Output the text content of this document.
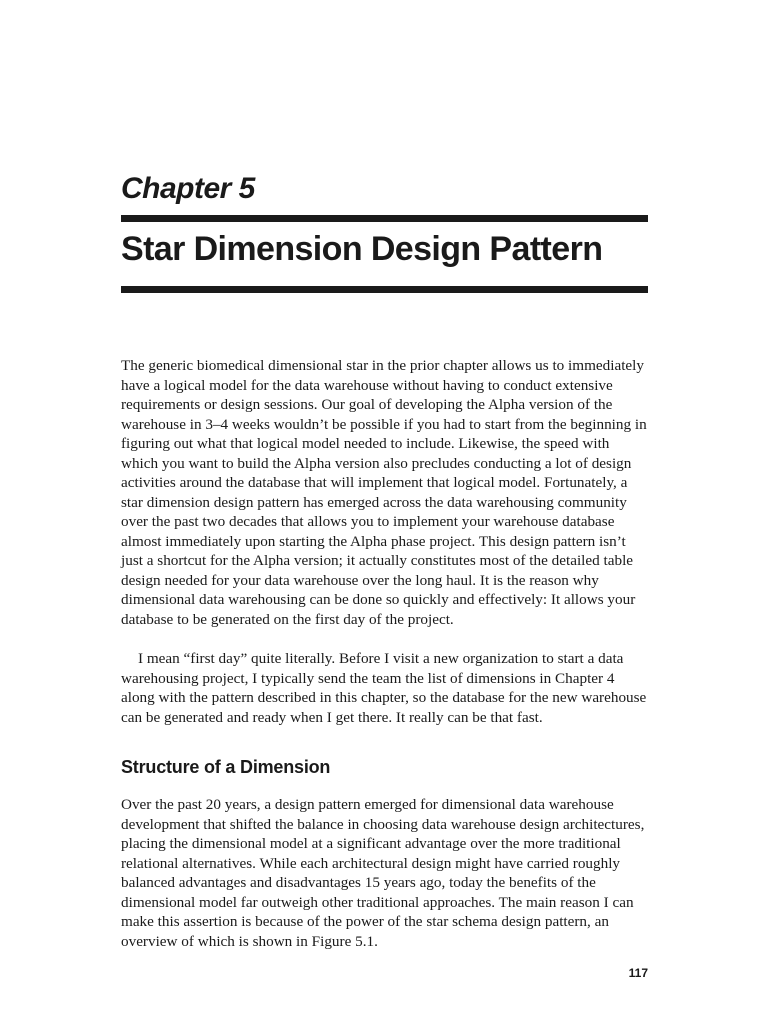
Chapter 5
Star Dimension Design Pattern

The generic biomedical dimensional star in the prior chapter allows us to immediately have a logical model for the data warehouse without having to conduct extensive requirements or design sessions. Our goal of developing the Alpha version of the warehouse in 3–4 weeks wouldn’t be possible if you had to start from the beginning in figuring out what that logical model needed to include. Likewise, the speed with which you want to build the Alpha version also precludes conducting a lot of design activities around the database that will implement that logical model. Fortunately, a star dimension design pattern has emerged across the data warehousing community over the past two decades that allows you to implement your warehouse database almost immediately upon starting the Alpha phase project. This design pattern isn’t just a shortcut for the Alpha version; it actually constitutes most of the detailed table design needed for your data warehouse over the long haul. It is the reason why dimensional data warehousing can be done so quickly and effectively: It allows your database to be generated on the first day of the project.

I mean “first day” quite literally. Before I visit a new organization to start a data warehousing project, I typically send the team the list of dimensions in Chapter 4 along with the pattern described in this chapter, so the database for the new warehouse can be generated and ready when I get there. It really can be that fast.

Structure of a Dimension

Over the past 20 years, a design pattern emerged for dimensional data warehouse development that shifted the balance in choosing data warehouse design architectures, placing the dimensional model at a significant advantage over the more traditional relational alternatives. While each architectural design might have carried roughly balanced advantages and disadvantages 15 years ago, today the benefits of the dimensional model far outweigh other traditional approaches. The main reason I can make this assertion is because of the power of the star schema design pattern, an overview of which is shown in Figure 5.1.

117
